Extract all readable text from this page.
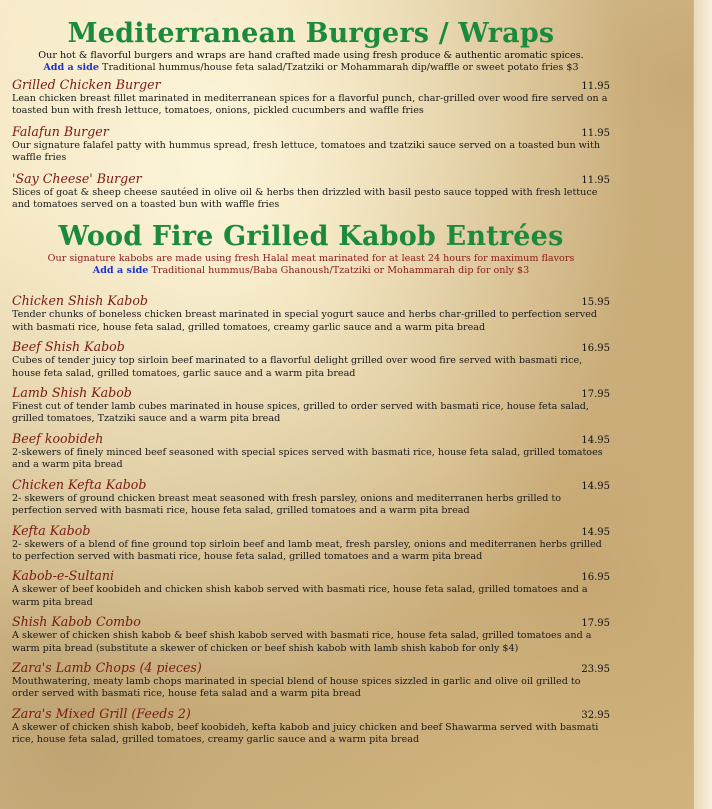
Mediterranean Burgers / Wraps

Our hot & flavorful burgers and wraps are hand crafted made using fresh produce & authentic aromatic spices.

Add a side Traditional hummus/house feta salad/Tzatziki or Mohammarah dip/waffle or sweet potato fries $3

Grilled Chicken Burger	11.95
Lean chicken breast fillet marinated in mediterranean spices for a flavorful punch, char-grilled over wood fire served on a toasted bun with fresh lettuce, tomatoes, onions, pickled cucumbers and waffle fries
Falafun Burger	11.95
Our signature falafel patty with hummus spread, fresh lettuce, tomatoes and tzatziki sauce served on a toasted bun with waffle fries
'Say Cheese' Burger	11.95
Slices of goat & sheep cheese sautéed in olive oil & herbs then drizzled with basil pesto sauce topped with fresh lettuce and tomatoes served on a toasted bun with waffle fries
Wood Fire Grilled Kabob Entrées

Our signature kabobs are made using fresh Halal meat marinated for at least 24 hours for maximum flavors

Add a side Traditional hummus/Baba Ghanoush/Tzatziki or Mohammarah dip for only $3

Chicken Shish Kabob	15.95
Tender chunks of boneless chicken breast marinated in special yogurt sauce and herbs char-grilled to perfection served with basmati rice, house feta salad, grilled tomatoes, creamy garlic sauce and a warm pita bread
Beef Shish Kabob	16.95
Cubes of tender juicy top sirloin beef marinated to a flavorful delight grilled over wood fire served with basmati rice, house feta salad, grilled tomatoes, garlic sauce and a warm pita bread
Lamb Shish Kabob	17.95
Finest cut of tender lamb cubes marinated in house spices, grilled to order served with basmati rice, house feta salad, grilled tomatoes, Tzatziki sauce and a warm pita bread
Beef koobideh	14.95
2-skewers of finely minced beef seasoned with special spices served with basmati rice, house feta salad, grilled tomatoes and a warm pita bread
Chicken Kefta Kabob	14.95
2- skewers of ground chicken breast meat seasoned with fresh parsley, onions and mediterranen herbs grilled to perfection served with basmati rice, house feta salad, grilled tomatoes and a warm pita bread
Kefta Kabob	14.95
2- skewers of a blend of fine ground top sirloin beef and lamb meat, fresh parsley, onions and mediterranen herbs grilled to perfection served with basmati rice, house feta salad, grilled tomatoes and a warm pita bread
Kabob-e-Sultani	16.95
A skewer of beef koobideh and chicken shish kabob served with basmati rice, house feta salad, grilled tomatoes and a warm pita bread
Shish Kabob Combo	17.95
A skewer of chicken shish kabob & beef shish kabob served with basmati rice, house feta salad, grilled tomatoes and a warm pita bread (substitute a skewer of chicken or beef shish kabob with lamb shish kabob for only $4)
Zara's Lamb Chops (4 pieces)	23.95
Mouthwatering, meaty lamb chops marinated in special blend of house spices sizzled in garlic and olive oil grilled to order served with basmati rice, house feta salad and a warm pita bread
Zara's Mixed Grill (Feeds 2)	32.95
A skewer of chicken shish kabob, beef koobideh, kefta kabob and juicy chicken and beef Shawarma served with basmati rice, house feta salad, grilled tomatoes, creamy garlic sauce and a warm pita bread
